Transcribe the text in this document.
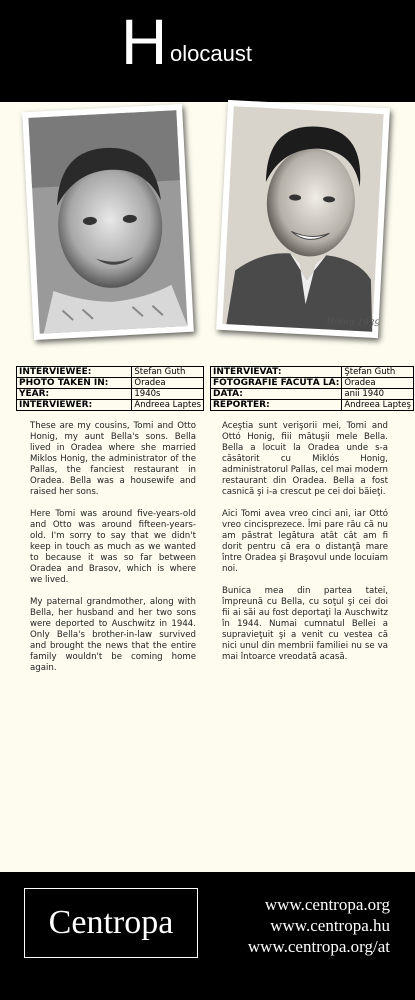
H olocaust
Hőnig 1939
INTERVIEWEE:	Stefan Guth
PHOTO TAKEN IN:	Oradea
YEAR:	1940s
INTERVIEWER:	Andreea Laptes
INTERVIEVAT:	Ştefan Guth
FOTOGRAFIE FĂCUTĂ LA:	Oradea
DATA:	anii 1940
REPORTER:	Andreea Lapteş

These are my cousins, Tomi and Otto Honig, my aunt Bella's sons. Bella lived in Oradea where she married Miklos Honig, the administrator of the Pallas, the fanciest restaurant in Oradea. Bella was a housewife and raised her sons.

Here Tomi was around five-years-old and Otto was around fifteen-years-old. I'm sorry to say that we didn't keep in touch as much as we wanted to because it was so far between Oradea and Brasov, which is where we lived.

My paternal grandmother, along with Bella, her husband and her two sons were deported to Auschwitz in 1944. Only Bella's brother-in-law survived and brought the news that the entire family wouldn't be coming home again.

Aceştia sunt verişorii mei, Tomi and Ottó Honig, fiii mătuşii mele Bella. Bella a locuit la Oradea unde s-a căsătorit cu Miklós Honig, administratorul Pallas, cel mai modern restaurant din Oradea. Bella a fost casnică şi i-a crescut pe cei doi băieţi.

Aici Tomi avea vreo cinci ani, iar Ottó vreo cincisprezece. Îmi pare rău că nu am păstrat legătura atât cât am fi dorit pentru că era o distanţă mare între Oradea şi Braşovul unde locuiam noi.

Bunica mea din partea tatei, împreună cu Bella, cu soţul şi cei doi fii ai săi au fost deportaţi la Auschwitz în 1944. Numai cumnatul Bellei a supravieţuit şi a venit cu vestea că nici unul din membrii familiei nu se va mai întoarce vreodată acasă.

Centropa	www.centropa.org
www.centropa.hu
www.centropa.org/at
